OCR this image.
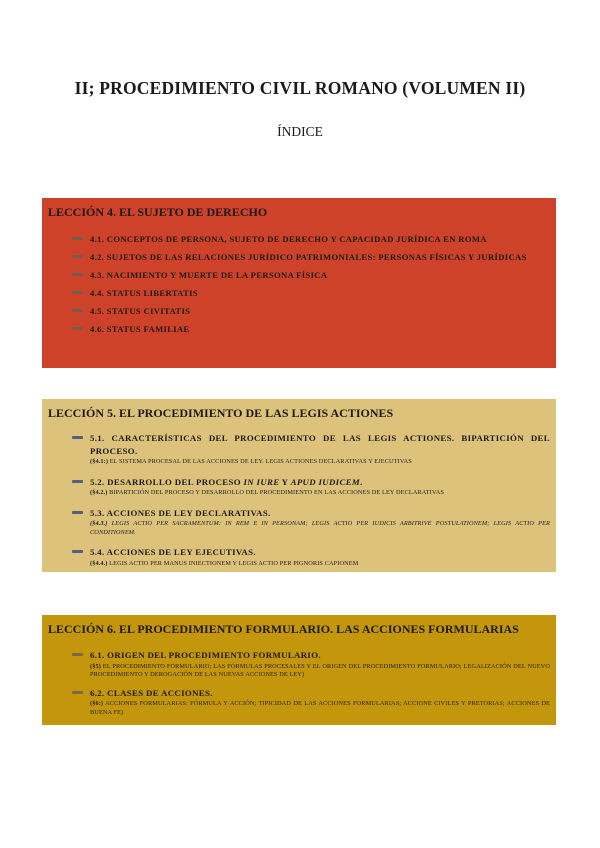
II; PROCEDIMIENTO CIVIL ROMANO (VOLUMEN II)
ÍNDICE
LECCIÓN 4. EL SUJETO DE DERECHO
4.1. CONCEPTOS DE PERSONA, SUJETO DE DERECHO Y CAPACIDAD JURÍDICA EN ROMA
4.2. SUJETOS DE LAS RELACIONES JURÍDICO PATRIMONIALES: PERSONAS FÍSICAS Y JURÍDICAS
4.3. NACIMIENTO Y MUERTE DE LA PERSONA FÍSICA
4.4. STATUS LIBERTATIS
4.5. STATUS CIVITATIS
4.6. STATUS FAMILIAE
LECCIÓN 5. EL PROCEDIMIENTO DE LAS LEGIS ACTIONES
5.1. CARACTERÍSTICAS DEL PROCEDIMIENTO DE LAS LEGIS ACTIONES. BIPARTICIÓN DEL PROCESO.
(§4.1:) EL SISTEMA PROCESAL DE LAS ACCIONES DE LEY. LEGIS ACTIONES DECLARATIVAS Y EJECUTIVAS
5.2. DESARROLLO DEL PROCESO IN IURE Y APUD IUDICEM.
(§4.2.) BIPARTICIÓN DEL PROCESO Y DESARROLLO DEL PROCEDIMIENTO EN LAS ACCIONES DE LEY DECLARATIVAS
5.3. ACCIONES DE LEY DECLARATIVAS.
(§4.3.) LEGIS ACTIO PER SACRAMENTUM: IN REM E IN PERSONAM; LEGIS ACTIO PER IUDICIS ARBITRIVE POSTULATIONEM; LEGIS ACTIO PER CONDITIONEM.
5.4. ACCIONES DE LEY EJECUTIVAS.
(§4.4.) LEGIS ACTIO PER MANUS INIECTIONEM Y LEGIS ACTIO PER PIGNORIS CAPIONEM
LECCIÓN 6. EL PROCEDIMIENTO FORMULARIO. LAS ACCIONES FORMULARIAS
6.1. ORIGEN DEL PROCEDIMIENTO FORMULARIO.
(§5) EL PROCEDIMIENTO FORMULARIO; LAS FÓRMULAS PROCESALES Y EL ORIGEN DEL PROCEDIMIENTO FORMULARIO; LEGALIZACIÓN DEL NUEVO PROCEDIMIENTO Y DEROGACIÓN DE LAS NUEVAS ACCIONES DE LEY)
6.2. CLASES DE ACCIONES.
(§6:) ACCIONES FORMULARIAS: FÓRMULA Y ACCIÓN; TIPICIDAD DE LAS ACCIONES FORMULARIAS; ACCIONE CIVILES Y PRETORIAS; ACCIONES DE BUENA FE)
